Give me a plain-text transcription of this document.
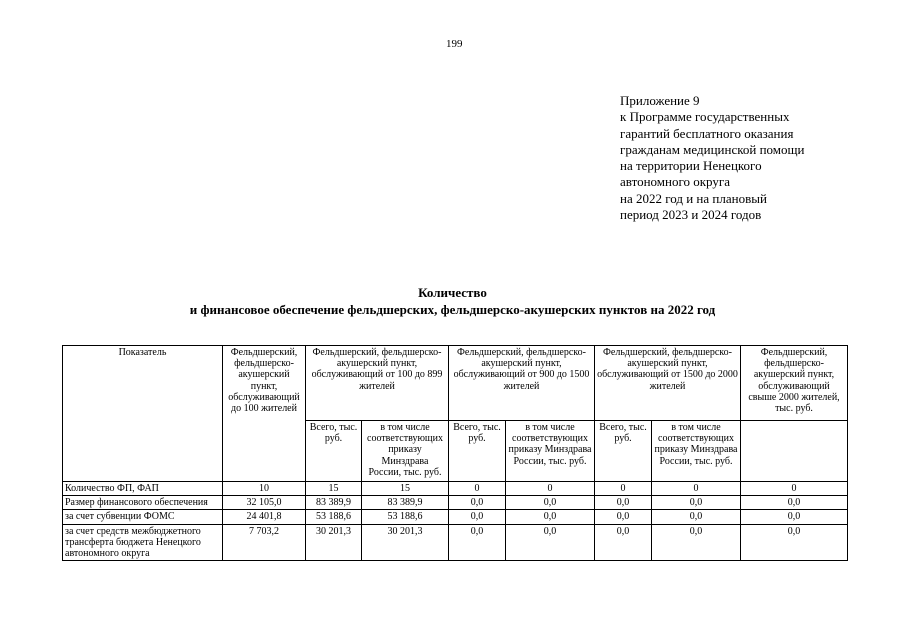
199
Приложение 9
к Программе государственных
гарантий бесплатного оказания
гражданам медицинской помощи
на территории Ненецкого
автономного округа
на 2022 год и на плановый
период 2023 и 2024 годов
Количество
и финансовое обеспечение фельдшерских, фельдшерско-акушерских пунктов на 2022 год
Показатель	Фельдшерский, фельдшерско-акушерский пункт, обслуживающий до 100 жителей	Фельдшерский, фельдшерско-акушерский пункт, обслуживающий от 100 до 899 жителей		Фельдшерский, фельдшерско-акушерский пункт, обслуживающий от 900 до 1500 жителей		Фельдшерский, фельдшерско-акушерский пункт, обслуживающий от 1500 до 2000 жителей		Фельдшерский, фельдшерско-акушерский пункт, обслуживающий свыше 2000 жителей, тыс. руб.
		Всего, тыс. руб.	в том числе соответствующих приказу Минздрава России, тыс. руб.	Всего, тыс. руб.	в том числе соответствующих приказу Минздрава России, тыс. руб.	Всего, тыс. руб.	в том числе соответствующих приказу Минздрава России, тыс. руб.	
Количество ФП, ФАП	10	15	15	0	0	0	0	0
Размер финансового обеспечения	32 105,0	83 389,9	83 389,9	0,0	0,0	0,0	0,0	0,0
за счет субвенции ФОМС	24 401,8	53 188,6	53 188,6	0,0	0,0	0,0	0,0	0,0
за счет средств межбюджетного трансферта бюджета Ненецкого автономного округа	7 703,2	30 201,3	30 201,3	0,0	0,0	0,0	0,0	0,0
